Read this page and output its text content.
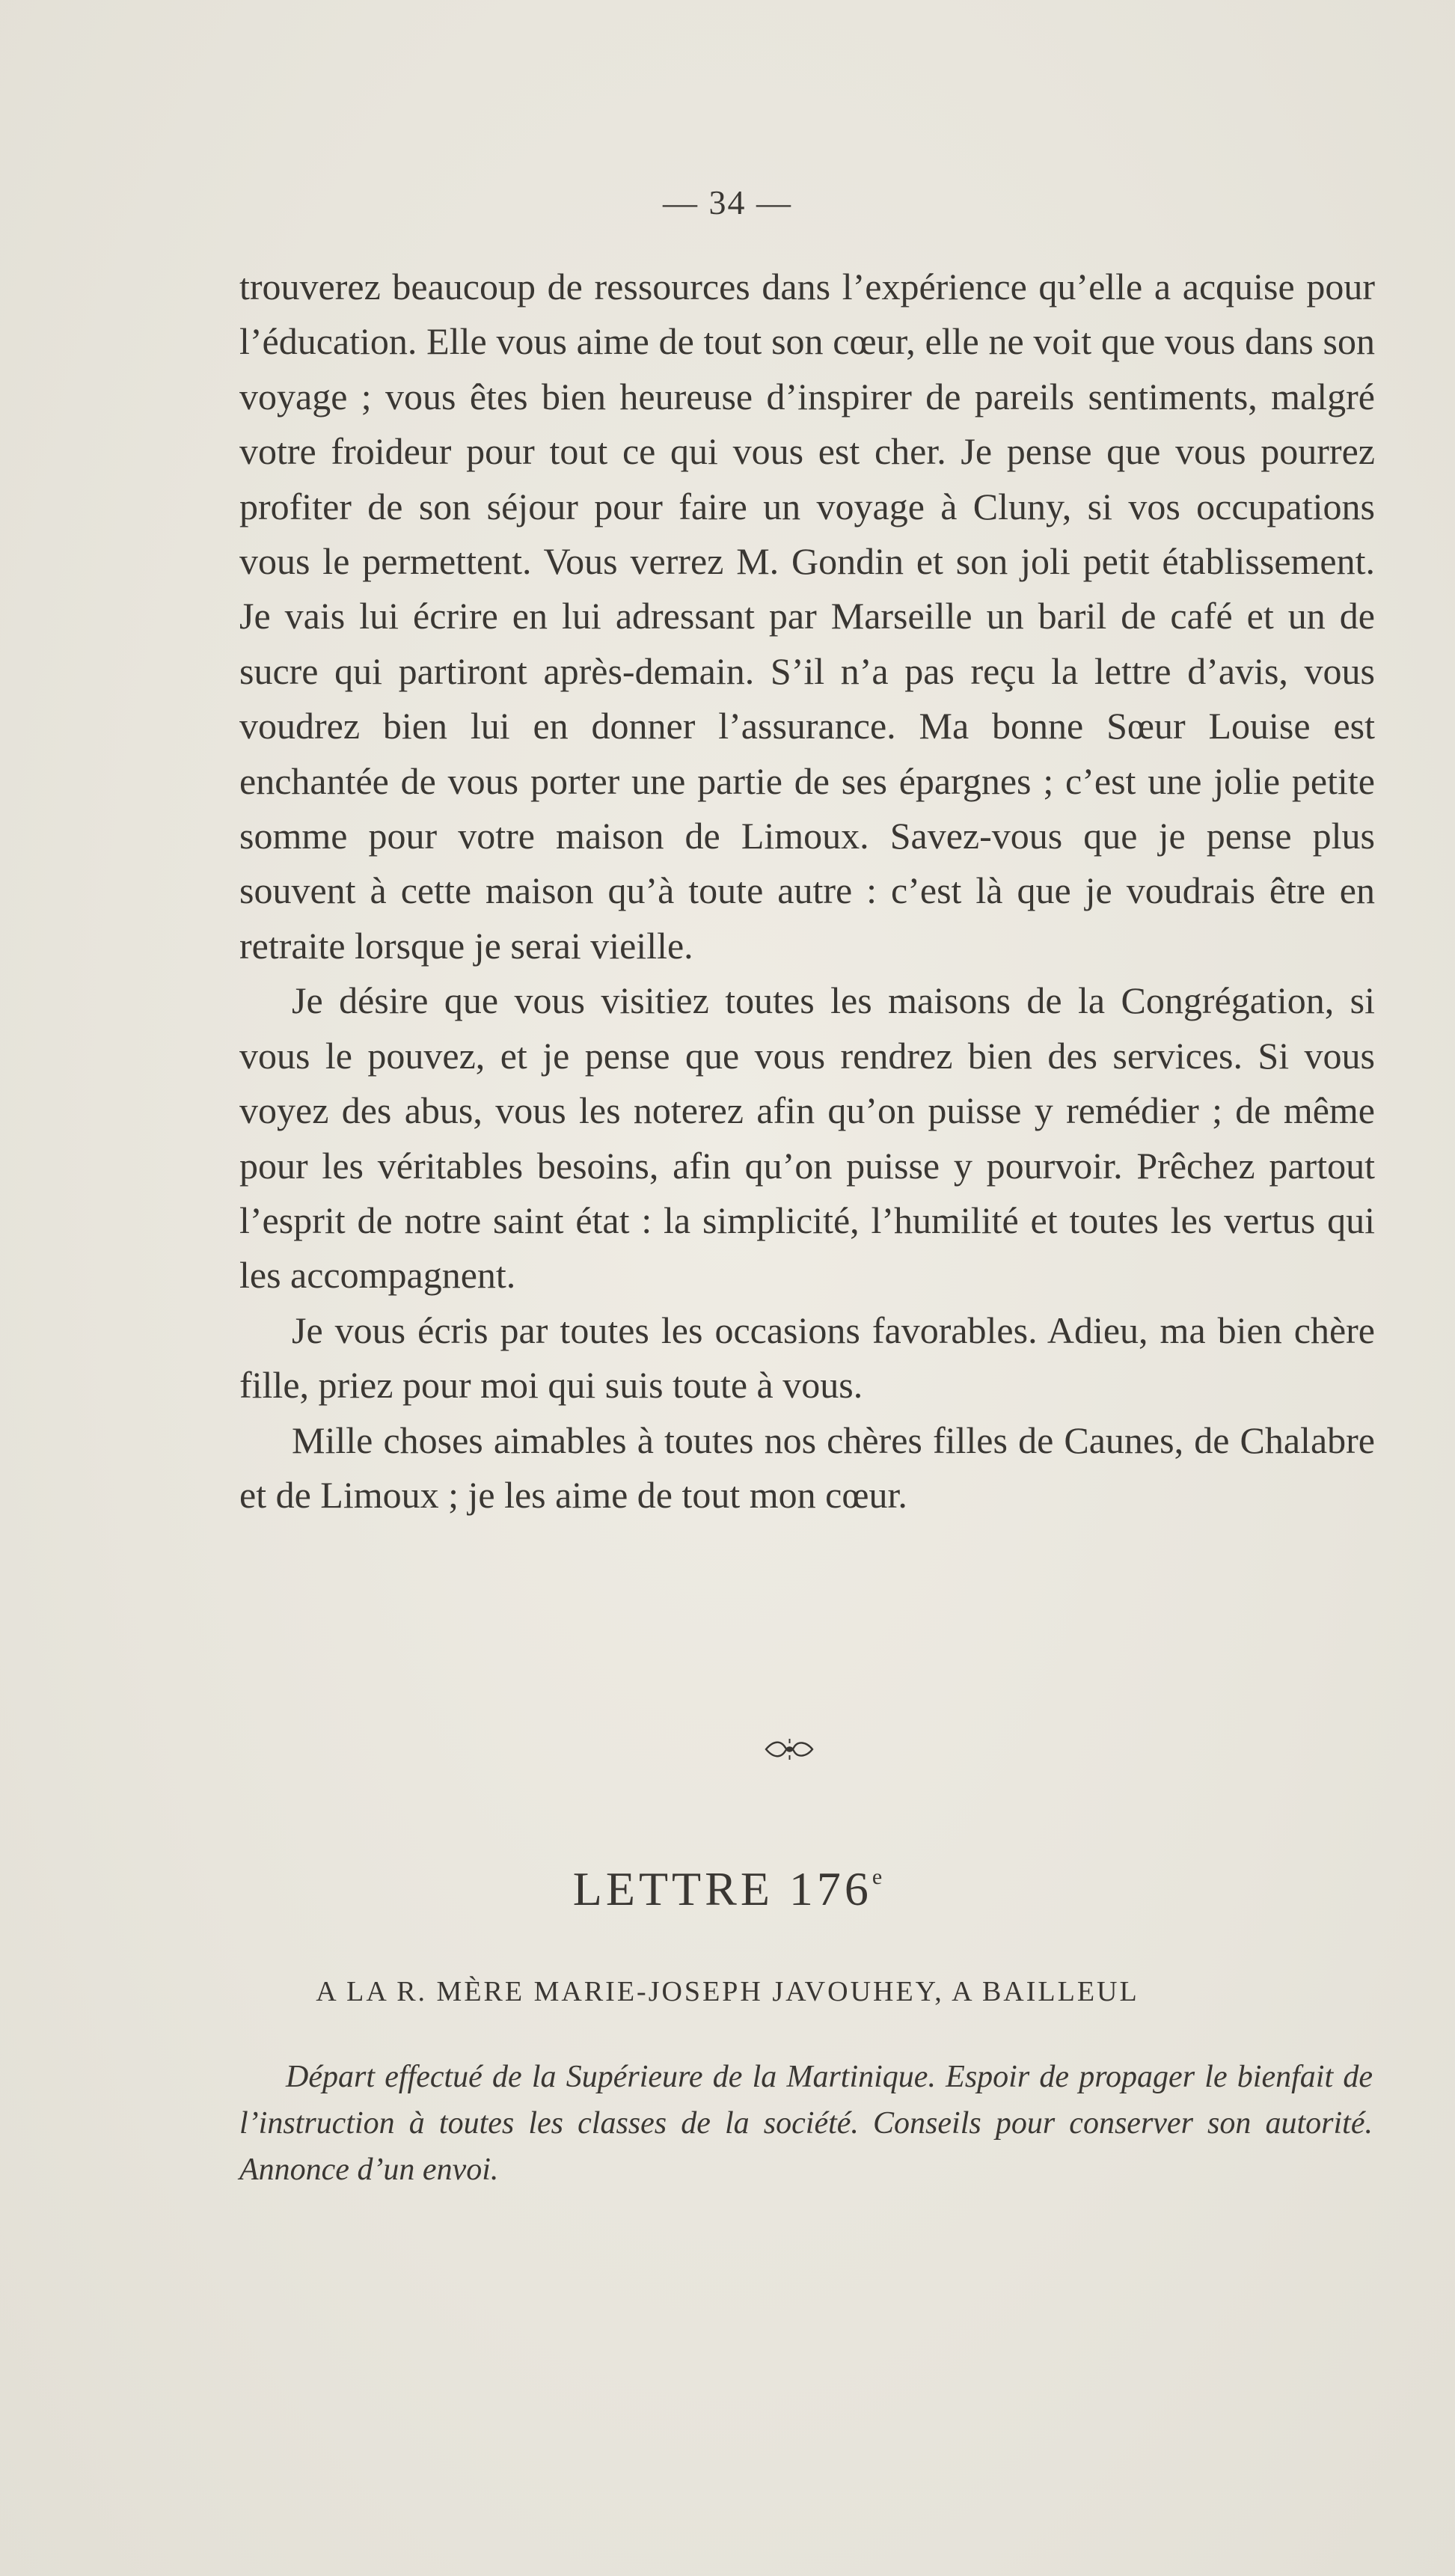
— 34 —

trouverez beaucoup de ressources dans l’expérience qu’elle a acquise pour l’éducation. Elle vous aime de tout son cœur, elle ne voit que vous dans son voyage ; vous êtes bien heureuse d’inspirer de pareils sentiments, malgré votre froideur pour tout ce qui vous est cher. Je pense que vous pourrez profiter de son séjour pour faire un voyage à Cluny, si vos occupations vous le permettent. Vous verrez M. Gondin et son joli petit établissement. Je vais lui écrire en lui adressant par Marseille un baril de café et un de sucre qui partiront après-demain. S’il n’a pas reçu la lettre d’avis, vous voudrez bien lui en donner l’assurance. Ma bonne Sœur Louise est enchantée de vous porter une partie de ses épargnes ; c’est une jolie petite somme pour votre maison de Limoux. Savez-vous que je pense plus souvent à cette maison qu’à toute autre : c’est là que je voudrais être en retraite lorsque je serai vieille.

Je désire que vous visitiez toutes les maisons de la Congrégation, si vous le pouvez, et je pense que vous rendrez bien des services. Si vous voyez des abus, vous les noterez afin qu’on puisse y remédier ; de même pour les véritables besoins, afin qu’on puisse y pourvoir. Prêchez partout l’esprit de notre saint état : la simplicité, l’humilité et toutes les vertus qui les accompagnent.

Je vous écris par toutes les occasions favorables. Adieu, ma bien chère fille, priez pour moi qui suis toute à vous.

Mille choses aimables à toutes nos chères filles de Caunes, de Chalabre et de Limoux ; je les aime de tout mon cœur.

LETTRE 176e
A LA R. MÈRE MARIE-JOSEPH JAVOUHEY, A BAILLEUL
Départ effectué de la Supérieure de la Martinique. Espoir de propager le bienfait de l’instruction à toutes les classes de la société. Conseils pour conserver son autorité. Annonce d’un envoi.
